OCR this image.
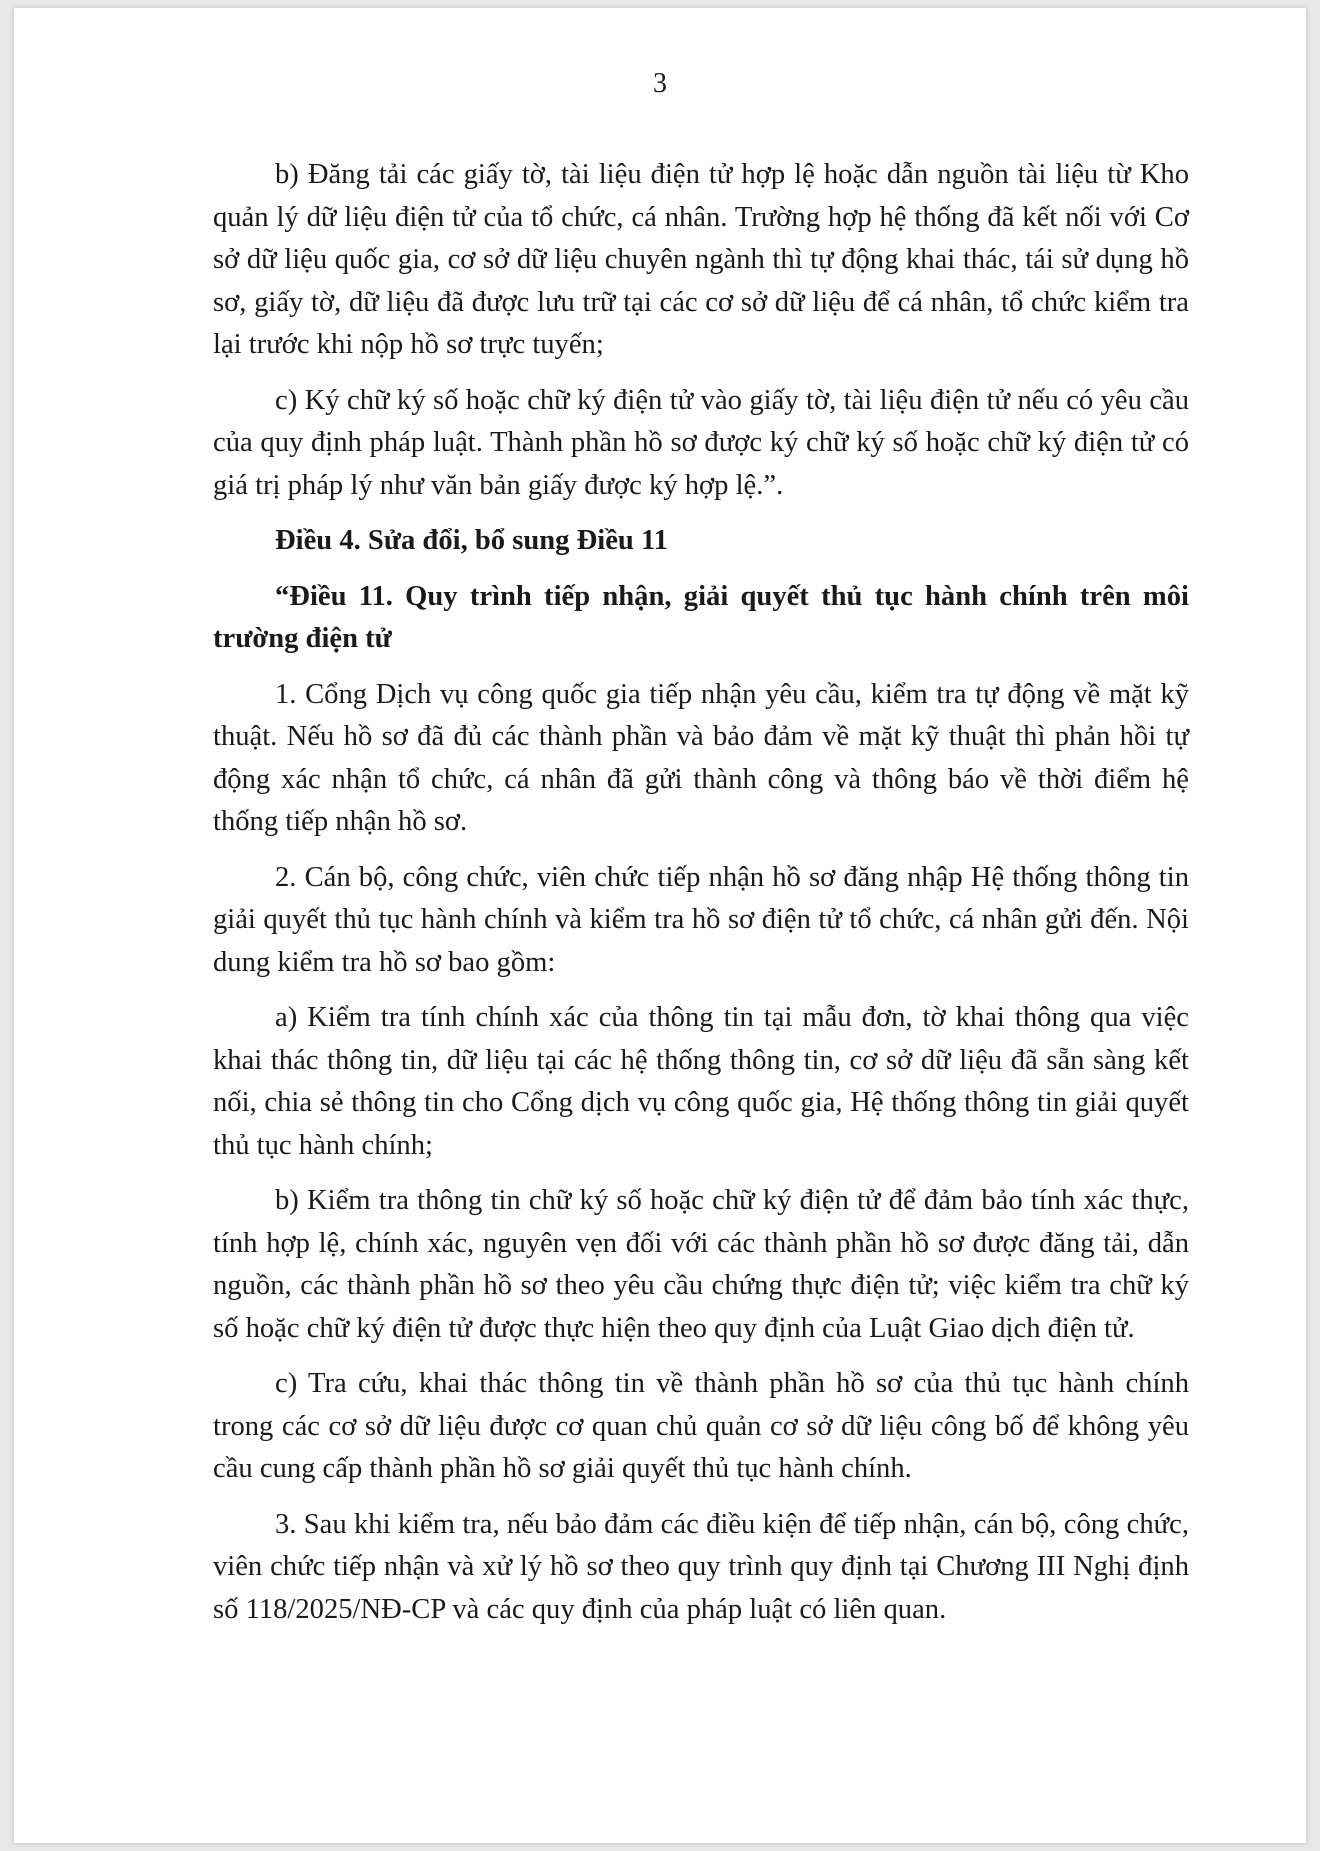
3

b) Đăng tải các giấy tờ, tài liệu điện tử hợp lệ hoặc dẫn nguồn tài liệu từ Kho quản lý dữ liệu điện tử của tổ chức, cá nhân. Trường hợp hệ thống đã kết nối với Cơ sở dữ liệu quốc gia, cơ sở dữ liệu chuyên ngành thì tự động khai thác, tái sử dụng hồ sơ, giấy tờ, dữ liệu đã được lưu trữ tại các cơ sở dữ liệu để cá nhân, tổ chức kiểm tra lại trước khi nộp hồ sơ trực tuyến;

c) Ký chữ ký số hoặc chữ ký điện tử vào giấy tờ, tài liệu điện tử nếu có yêu cầu của quy định pháp luật. Thành phần hồ sơ được ký chữ ký số hoặc chữ ký điện tử có giá trị pháp lý như văn bản giấy được ký hợp lệ.”.

Điều 4. Sửa đổi, bổ sung Điều 11

“Điều 11. Quy trình tiếp nhận, giải quyết thủ tục hành chính trên môi trường điện tử

1. Cổng Dịch vụ công quốc gia tiếp nhận yêu cầu, kiểm tra tự động về mặt kỹ thuật. Nếu hồ sơ đã đủ các thành phần và bảo đảm về mặt kỹ thuật thì phản hồi tự động xác nhận tổ chức, cá nhân đã gửi thành công và thông báo về thời điểm hệ thống tiếp nhận hồ sơ.

2. Cán bộ, công chức, viên chức tiếp nhận hồ sơ đăng nhập Hệ thống thông tin giải quyết thủ tục hành chính và kiểm tra hồ sơ điện tử tổ chức, cá nhân gửi đến. Nội dung kiểm tra hồ sơ bao gồm:

a) Kiểm tra tính chính xác của thông tin tại mẫu đơn, tờ khai thông qua việc khai thác thông tin, dữ liệu tại các hệ thống thông tin, cơ sở dữ liệu đã sẵn sàng kết nối, chia sẻ thông tin cho Cổng dịch vụ công quốc gia, Hệ thống thông tin giải quyết thủ tục hành chính;

b) Kiểm tra thông tin chữ ký số hoặc chữ ký điện tử để đảm bảo tính xác thực, tính hợp lệ, chính xác, nguyên vẹn đối với các thành phần hồ sơ được đăng tải, dẫn nguồn, các thành phần hồ sơ theo yêu cầu chứng thực điện tử; việc kiểm tra chữ ký số hoặc chữ ký điện tử được thực hiện theo quy định của Luật Giao dịch điện tử.

c) Tra cứu, khai thác thông tin về thành phần hồ sơ của thủ tục hành chính trong các cơ sở dữ liệu được cơ quan chủ quản cơ sở dữ liệu công bố để không yêu cầu cung cấp thành phần hồ sơ giải quyết thủ tục hành chính.

3. Sau khi kiểm tra, nếu bảo đảm các điều kiện để tiếp nhận, cán bộ, công chức, viên chức tiếp nhận và xử lý hồ sơ theo quy trình quy định tại Chương III Nghị định số 118/2025/NĐ-CP và các quy định của pháp luật có liên quan.
